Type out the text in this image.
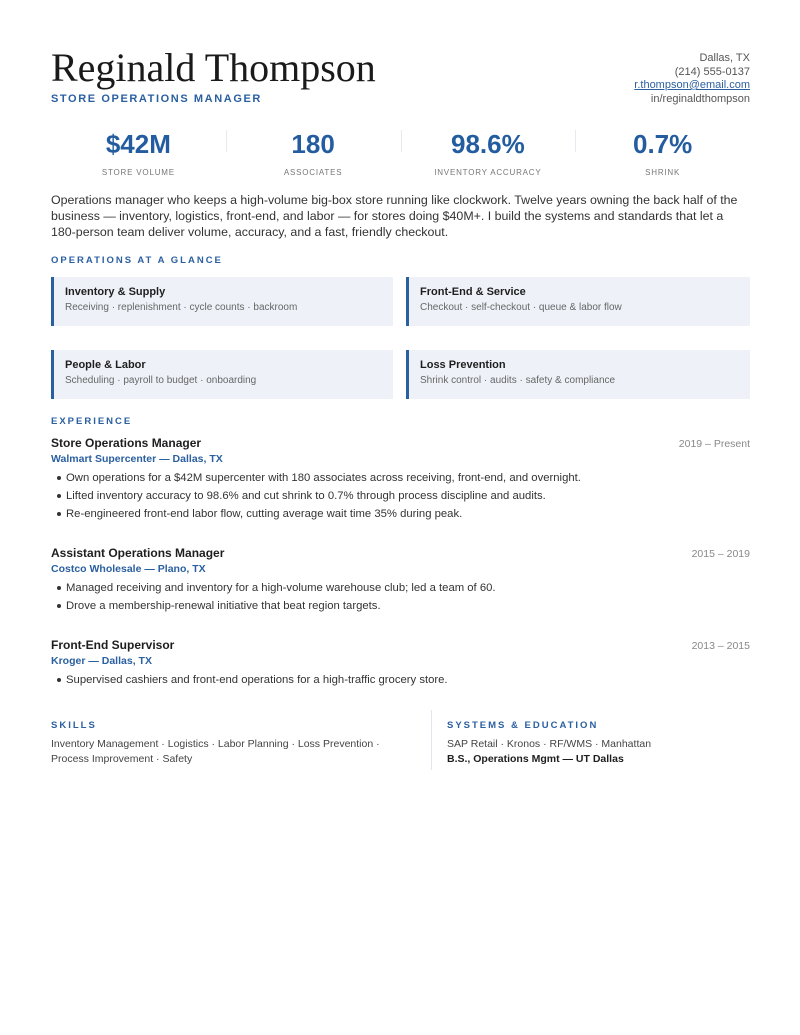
Reginald Thompson
STORE OPERATIONS MANAGER
Dallas, TX
(214) 555-0137
r.thompson@email.com
in/reginaldthompson
$42M
STORE VOLUME
180
ASSOCIATES
98.6%
INVENTORY ACCURACY
0.7%
SHRINK
Operations manager who keeps a high-volume big-box store running like clockwork. Twelve years owning the back half of the business — inventory, logistics, front-end, and labor — for stores doing $40M+. I build the systems and standards that let a 180-person team deliver volume, accuracy, and a fast, friendly checkout.
OPERATIONS AT A GLANCE
Inventory & Supply
Receiving · replenishment · cycle counts · backroom
Front-End & Service
Checkout · self-checkout · queue & labor flow
People & Labor
Scheduling · payroll to budget · onboarding
Loss Prevention
Shrink control · audits · safety & compliance
EXPERIENCE
Store Operations Manager
Walmart Supercenter — Dallas, TX
2019 – Present
Own operations for a $42M supercenter with 180 associates across receiving, front-end, and overnight.
Lifted inventory accuracy to 98.6% and cut shrink to 0.7% through process discipline and audits.
Re-engineered front-end labor flow, cutting average wait time 35% during peak.
Assistant Operations Manager
Costco Wholesale — Plano, TX
2015 – 2019
Managed receiving and inventory for a high-volume warehouse club; led a team of 60.
Drove a membership-renewal initiative that beat region targets.
Front-End Supervisor
Kroger — Dallas, TX
2013 – 2015
Supervised cashiers and front-end operations for a high-traffic grocery store.
SKILLS
Inventory Management · Logistics · Labor Planning · Loss Prevention ·
Process Improvement · Safety
SYSTEMS & EDUCATION
SAP Retail · Kronos · RF/WMS · Manhattan
B.S., Operations Mgmt — UT Dallas
